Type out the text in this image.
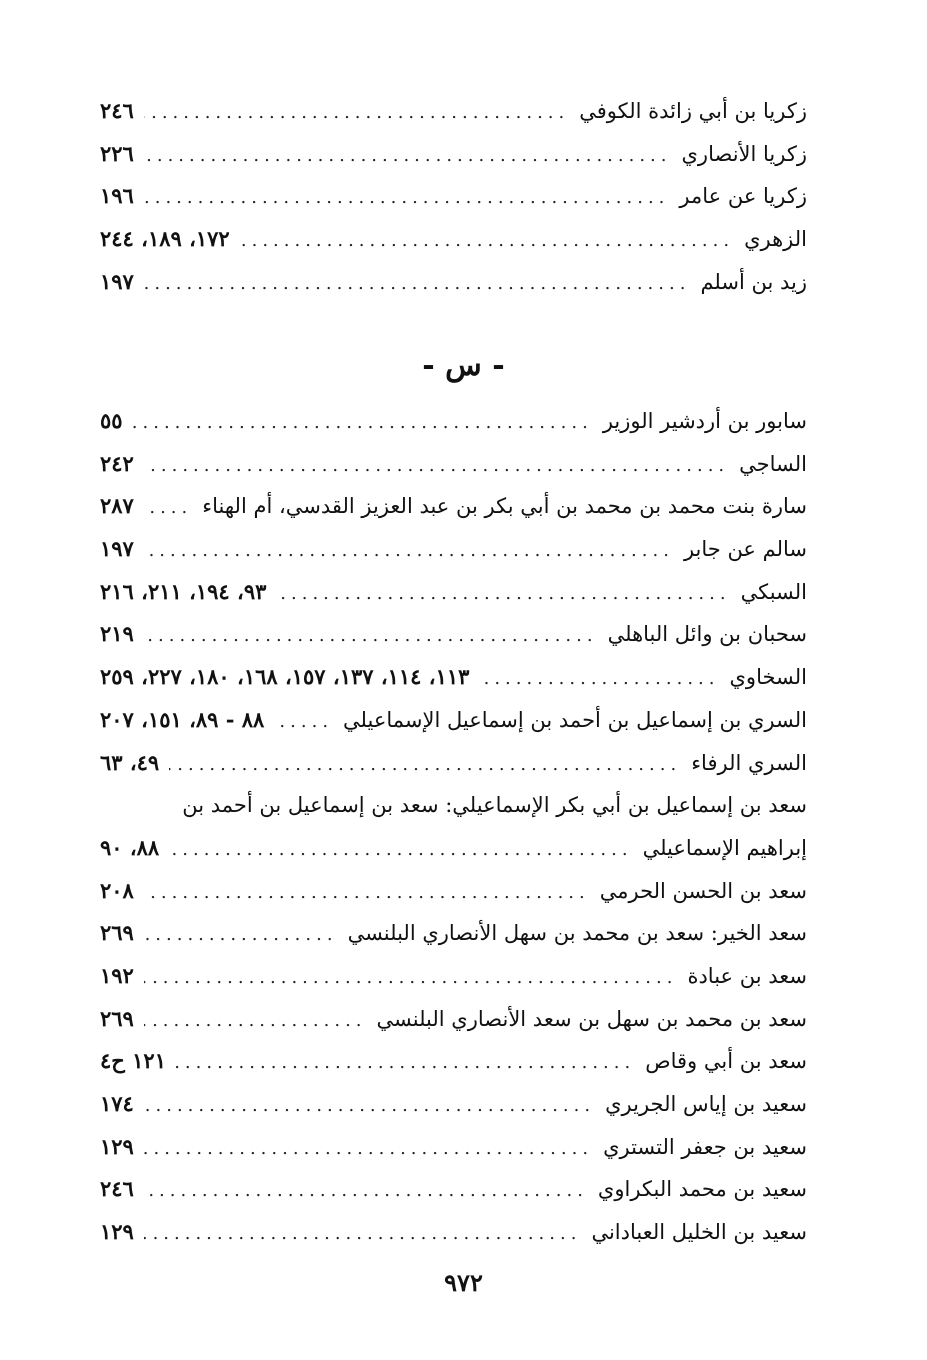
زكريا بن أبي زائدة الكوفي
.....
٢٤٦
زكريا الأنصاري
.....
٢٢٦
زكريا عن عامر
.....
١٩٦
الزهري
.....
١٧٢، ١٨٩، ٢٤٤
زيد بن أسلم
.....
١٩٧
- س -
سابور بن أردشير الوزير
.....
٥٥
الساجي
.....
٢٤٢
سارة بنت محمد بن محمد بن أبي بكر بن عبد العزيز القدسي، أم الهناء
.....
٢٨٧
سالم عن جابر
.....
١٩٧
السبكي
.....
٩٣، ١٩٤، ٢١١، ٢١٦
سحبان بن وائل الباهلي
.....
٢١٩
السخاوي
.....
١١٣، ١١٤، ١٣٧، ١٥٧، ١٦٨، ١٨٠، ٢٢٧، ٢٥٩
السري بن إسماعيل بن أحمد بن إسماعيل الإسماعيلي
.....
٨٨ - ٨٩، ١٥١، ٢٠٧
السري الرفاء
.....
٤٩، ٦٣
سعد بن إسماعيل بن أبي بكر الإسماعيلي: سعد بن إسماعيل بن أحمد بن
إبراهيم الإسماعيلي
.....
٨٨، ٩٠
سعد بن الحسن الحرمي
.....
٢٠٨
سعد الخير: سعد بن محمد بن سهل الأنصاري البلنسي
.....
٢٦٩
سعد بن عبادة
.....
١٩٢
سعد بن محمد بن سهل بن سعد الأنصاري البلنسي
.....
٢٦٩
سعد بن أبي وقاص
.....
١٢١ ح٤
سعيد بن إياس الجريري
.....
١٧٤
سعيد بن جعفر التستري
.....
١٢٩
سعيد بن محمد البكراوي
.....
٢٤٦
سعيد بن الخليل العباداني
.....
١٢٩
٩٧٢
